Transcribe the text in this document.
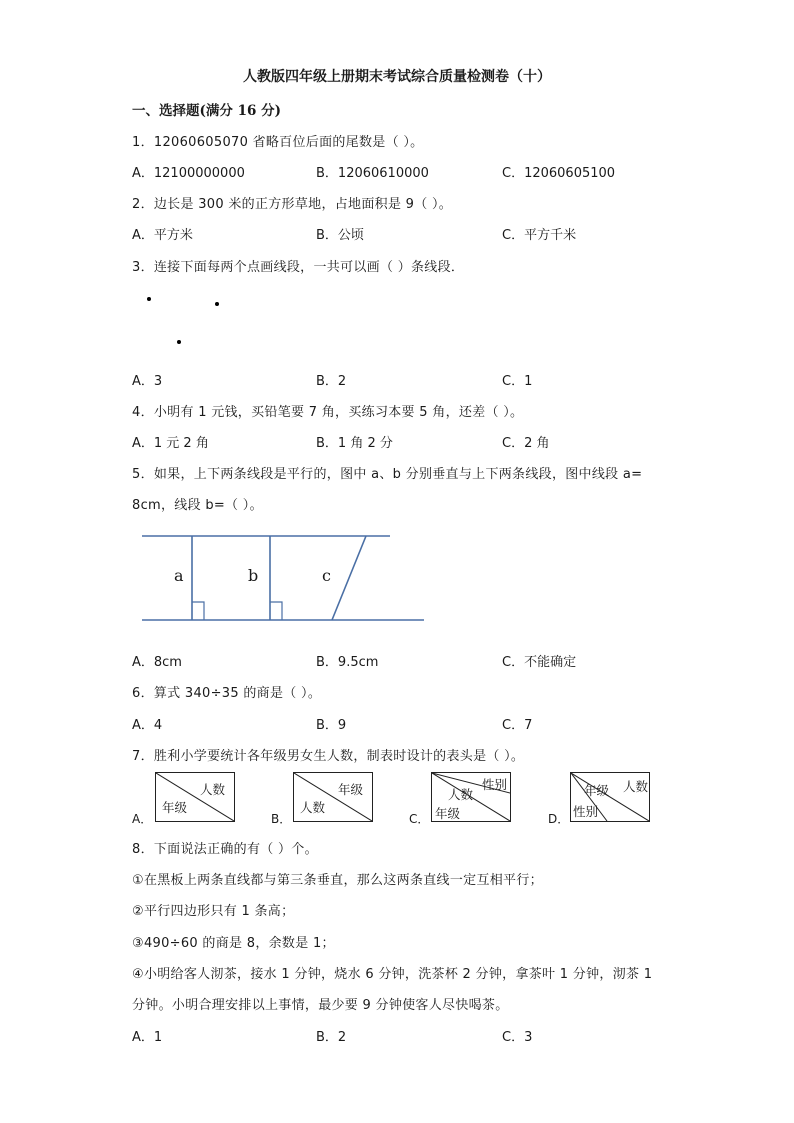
人教版四年级上册期末考试综合质量检测卷（十）
一、选择题(满分 16 分)
1．12060605070 省略百位后面的尾数是（ ）。
A．12100000000	B．12060610000	C．12060605100
2．边长是 300 米的正方形草地，占地面积是 9（ ）。
A．平方米	B．公顷	C．平方千米
3．连接下面每两个点画线段，一共可以画（ ）条线段．
A．3	B．2	C．1
4．小明有 1 元钱，买铅笔要 7 角，买练习本要 5 角，还差（ ）。
A．1 元 2 角	B．1 角 2 分	C．2 角
5．如果，上下两条线段是平行的，图中 a、b 分别垂直与上下两条线段，图中线段 a=
8cm，线段 b=（ ）。
a	b	c
A．8cm	B．9.5cm	C．不能确定
6．算式 340÷35 的商是（ ）。
A．4	B．9	C．7
7．胜利小学要统计各年级男女生人数，制表时设计的表头是（ ）。
A．
人数
年级
B．
年级
人数
C．
性别
人数
年级	D．
人数
年级
性别
8．下面说法正确的有（ ）个。
①在黑板上两条直线都与第三条垂直，那么这两条直线一定互相平行；
②平行四边形只有 1 条高；
③490÷60 的商是 8，余数是 1；
④小明给客人沏茶，接水 1 分钟，烧水 6 分钟，洗茶杯 2 分钟，拿茶叶 1 分钟，沏茶 1
分钟。小明合理安排以上事情，最少要 9 分钟使客人尽快喝茶。
A．1	B．2	C．3
